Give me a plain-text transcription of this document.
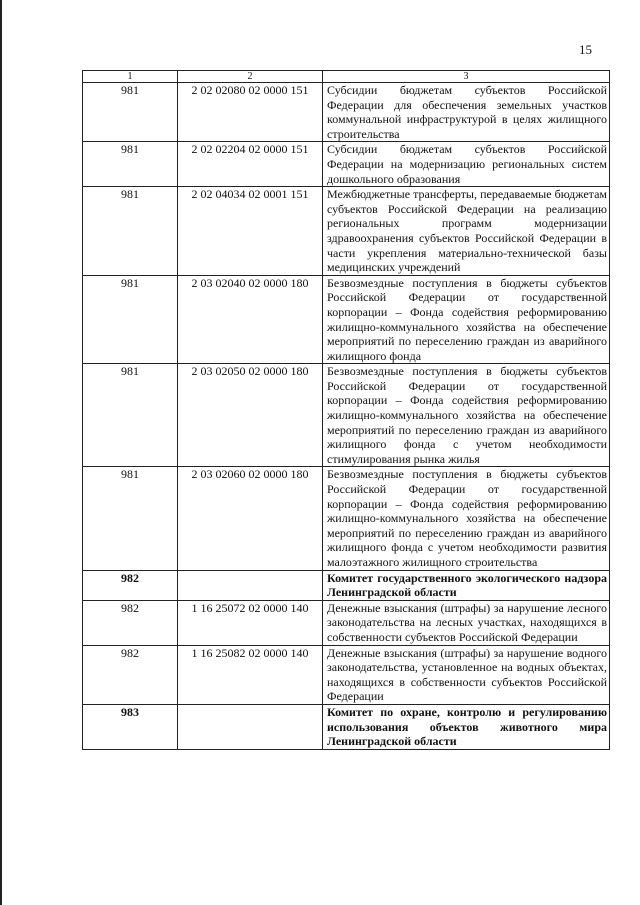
15
1	2	3
981	2 02 02080 02 0000 151	Субсидии бюджетам субъектов Российской Федерации для обеспечения земельных участков коммунальной инфраструктурой в целях жилищного строительства
981	2 02 02204 02 0000 151	Субсидии бюджетам субъектов Российской Федерации на модернизацию региональных систем дошкольного образования
981	2 02 04034 02 0001 151	Межбюджетные трансферты, передаваемые бюджетам субъектов Российской Федерации на реализацию региональных программ модернизации здравоохранения субъектов Российской Федерации в части укрепления материально-технической базы медицинских учреждений
981	2 03 02040 02 0000 180	Безвозмездные поступления в бюджеты субъектов Российской Федерации от государственной корпорации – Фонда содействия реформированию жилищно-коммунального хозяйства на обеспечение мероприятий по переселению граждан из аварийного жилищного фонда
981	2 03 02050 02 0000 180	Безвозмездные поступления в бюджеты субъектов Российской Федерации от государственной корпорации – Фонда содействия реформированию жилищно-коммунального хозяйства на обеспечение мероприятий по переселению граждан из аварийного жилищного фонда с учетом необходимости стимулирования рынка жилья
981	2 03 02060 02 0000 180	Безвозмездные поступления в бюджеты субъектов Российской Федерации от государственной корпорации – Фонда содействия реформированию жилищно-коммунального хозяйства на обеспечение мероприятий по переселению граждан из аварийного жилищного фонда с учетом необходимости развития малоэтажного жилищного строительства
982		Комитет государственного экологического надзора Ленинградской области
982	1 16 25072 02 0000 140	Денежные взыскания (штрафы) за нарушение лесного законодательства на лесных участках, находящихся в собственности субъектов Российской Федерации
982	1 16 25082 02 0000 140	Денежные взыскания (штрафы) за нарушение водного законодательства, установленное на водных объектах, находящихся в собственности субъектов Российской Федерации
983		Комитет по охране, контролю и регулированию использования объектов животного мира Ленинградской области
